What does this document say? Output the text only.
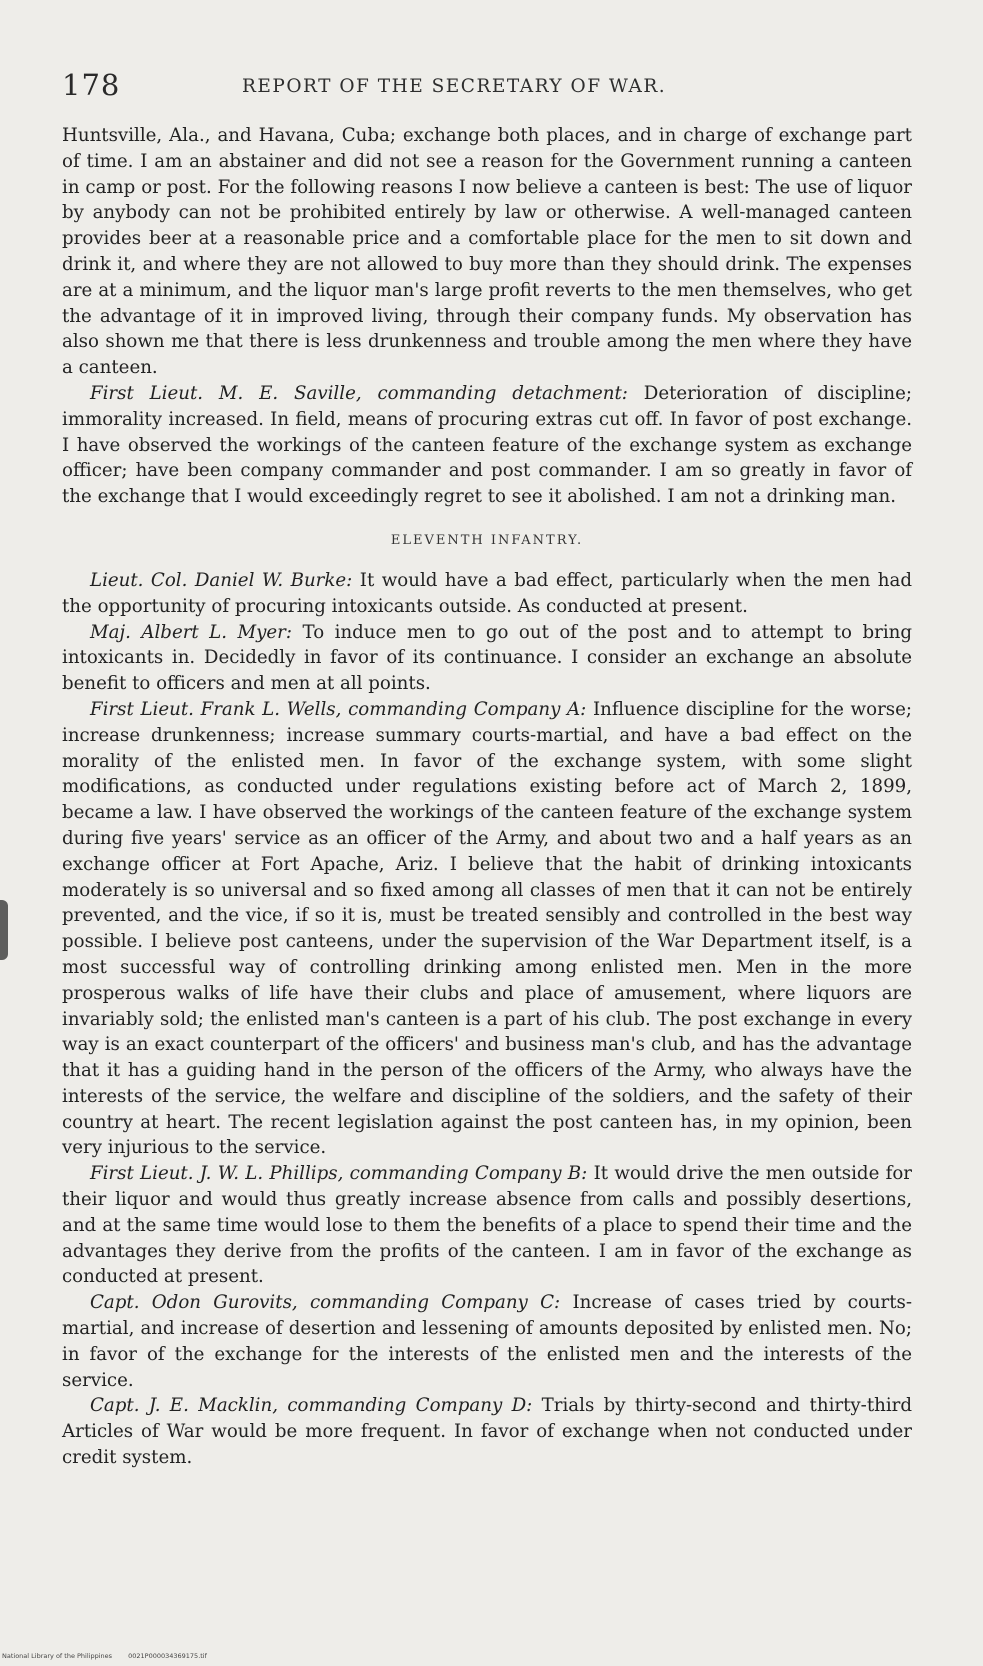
178	REPORT OF THE SECRETARY OF WAR.

Huntsville, Ala., and Havana, Cuba; exchange both places, and in charge of exchange part of time. I am an abstainer and did not see a reason for the Government running a canteen in camp or post. For the following reasons I now believe a canteen is best: The use of liquor by anybody can not be prohibited entirely by law or otherwise. A well-managed canteen provides beer at a reasonable price and a comfortable place for the men to sit down and drink it, and where they are not allowed to buy more than they should drink. The expenses are at a minimum, and the liquor man's large profit reverts to the men themselves, who get the advantage of it in improved living, through their company funds. My observation has also shown me that there is less drunkenness and trouble among the men where they have a canteen.

First Lieut. M. E. Saville, commanding detachment: Deterioration of discipline; immorality increased. In field, means of procuring extras cut off. In favor of post exchange. I have observed the workings of the canteen feature of the exchange system as exchange officer; have been company commander and post commander. I am so greatly in favor of the exchange that I would exceedingly regret to see it abolished. I am not a drinking man.

ELEVENTH INFANTRY.

Lieut. Col. Daniel W. Burke: It would have a bad effect, particularly when the men had the opportunity of procuring intoxicants outside. As conducted at present.

Maj. Albert L. Myer: To induce men to go out of the post and to attempt to bring intoxicants in. Decidedly in favor of its continuance. I consider an exchange an absolute benefit to officers and men at all points.

First Lieut. Frank L. Wells, commanding Company A: Influence discipline for the worse; increase drunkenness; increase summary courts-martial, and have a bad effect on the morality of the enlisted men. In favor of the exchange system, with some slight modifications, as conducted under regulations existing before act of March 2, 1899, became a law. I have observed the workings of the canteen feature of the exchange system during five years' service as an officer of the Army, and about two and a half years as an exchange officer at Fort Apache, Ariz. I believe that the habit of drinking intoxicants moderately is so universal and so fixed among all classes of men that it can not be entirely prevented, and the vice, if so it is, must be treated sensibly and controlled in the best way possible. I believe post canteens, under the supervision of the War Department itself, is a most successful way of controlling drinking among enlisted men. Men in the more prosperous walks of life have their clubs and place of amusement, where liquors are invariably sold; the enlisted man's canteen is a part of his club. The post exchange in every way is an exact counterpart of the officers' and business man's club, and has the advantage that it has a guiding hand in the person of the officers of the Army, who always have the interests of the service, the welfare and discipline of the soldiers, and the safety of their country at heart. The recent legislation against the post canteen has, in my opinion, been very injurious to the service.

First Lieut. J. W. L. Phillips, commanding Company B: It would drive the men outside for their liquor and would thus greatly increase absence from calls and possibly desertions, and at the same time would lose to them the benefits of a place to spend their time and the advantages they derive from the profits of the canteen. I am in favor of the exchange as conducted at present.

Capt. Odon Gurovits, commanding Company C: Increase of cases tried by courts-martial, and increase of desertion and lessening of amounts deposited by enlisted men. No; in favor of the exchange for the interests of the enlisted men and the interests of the service.

Capt. J. E. Macklin, commanding Company D: Trials by thirty-second and thirty-third Articles of War would be more frequent. In favor of exchange when not conducted under credit system.

National Library of the Philippines 0021P000034369175.tif
